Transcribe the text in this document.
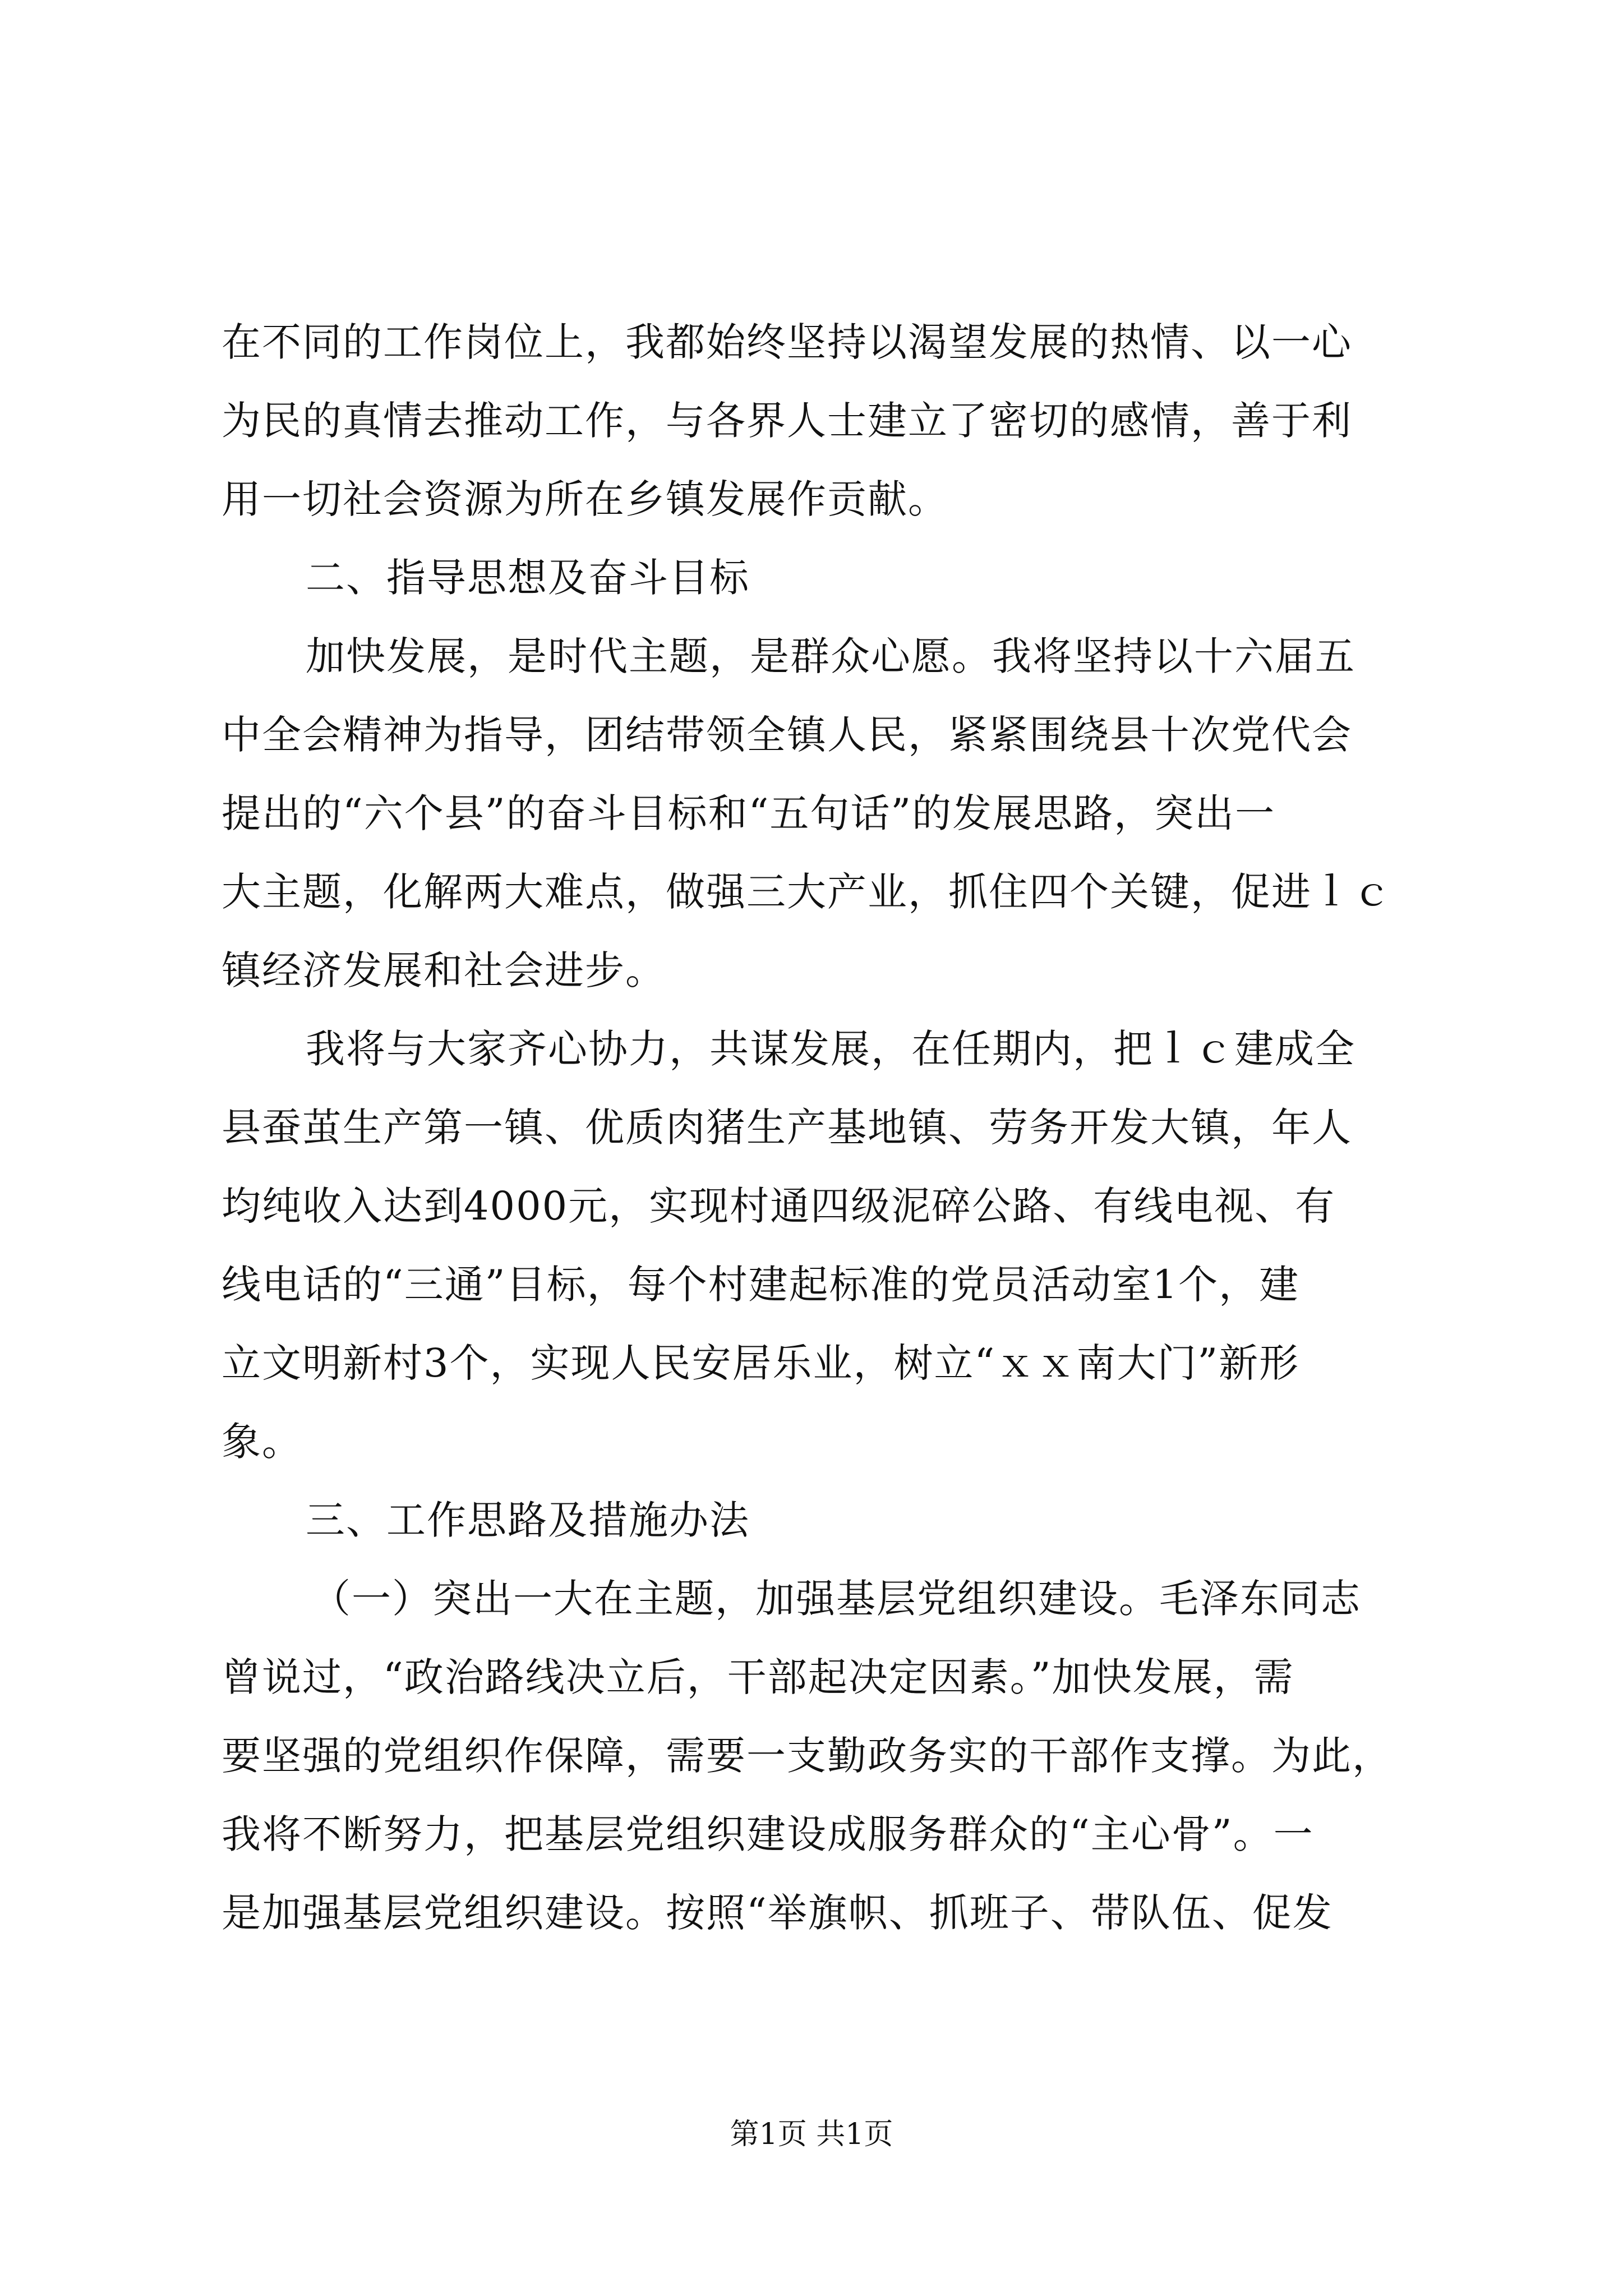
在不同的工作岗位上，我都始终坚持以渴望发展的热情、以一心
为民的真情去推动工作，与各界人士建立了密切的感情，善于利
用一切社会资源为所在乡镇发展作贡献。
二、指导思想及奋斗目标
加快发展，是时代主题，是群众心愿。我将坚持以十六届五
中全会精神为指导，团结带领全镇人民，紧紧围绕县十次党代会
提出的“六个县”的奋斗目标和“五句话”的发展思路，突出一
大主题，化解两大难点，做强三大产业，抓住四个关键，促进ｌｃ
镇经济发展和社会进步。
我将与大家齐心协力，共谋发展，在任期内，把ｌｃ建成全
县蚕茧生产第一镇、优质肉猪生产基地镇、劳务开发大镇，年人
均纯收入达到4000元，实现村通四级泥碎公路、有线电视、有
线电话的“三通”目标，每个村建起标准的党员活动室1个，建
立文明新村3个，实现人民安居乐业，树立“ｘｘ南大门”新形
象。
三、工作思路及措施办法
（一）突出一大在主题，加强基层党组织建设。毛泽东同志
曾说过，“政治路线决立后，干部起决定因素。”加快发展，需
要坚强的党组织作保障，需要一支勤政务实的干部作支撑。为此，
我将不断努力，把基层党组织建设成服务群众的“主心骨”。一
是加强基层党组织建设。按照“举旗帜、抓班子、带队伍、促发
第1页 共1页
